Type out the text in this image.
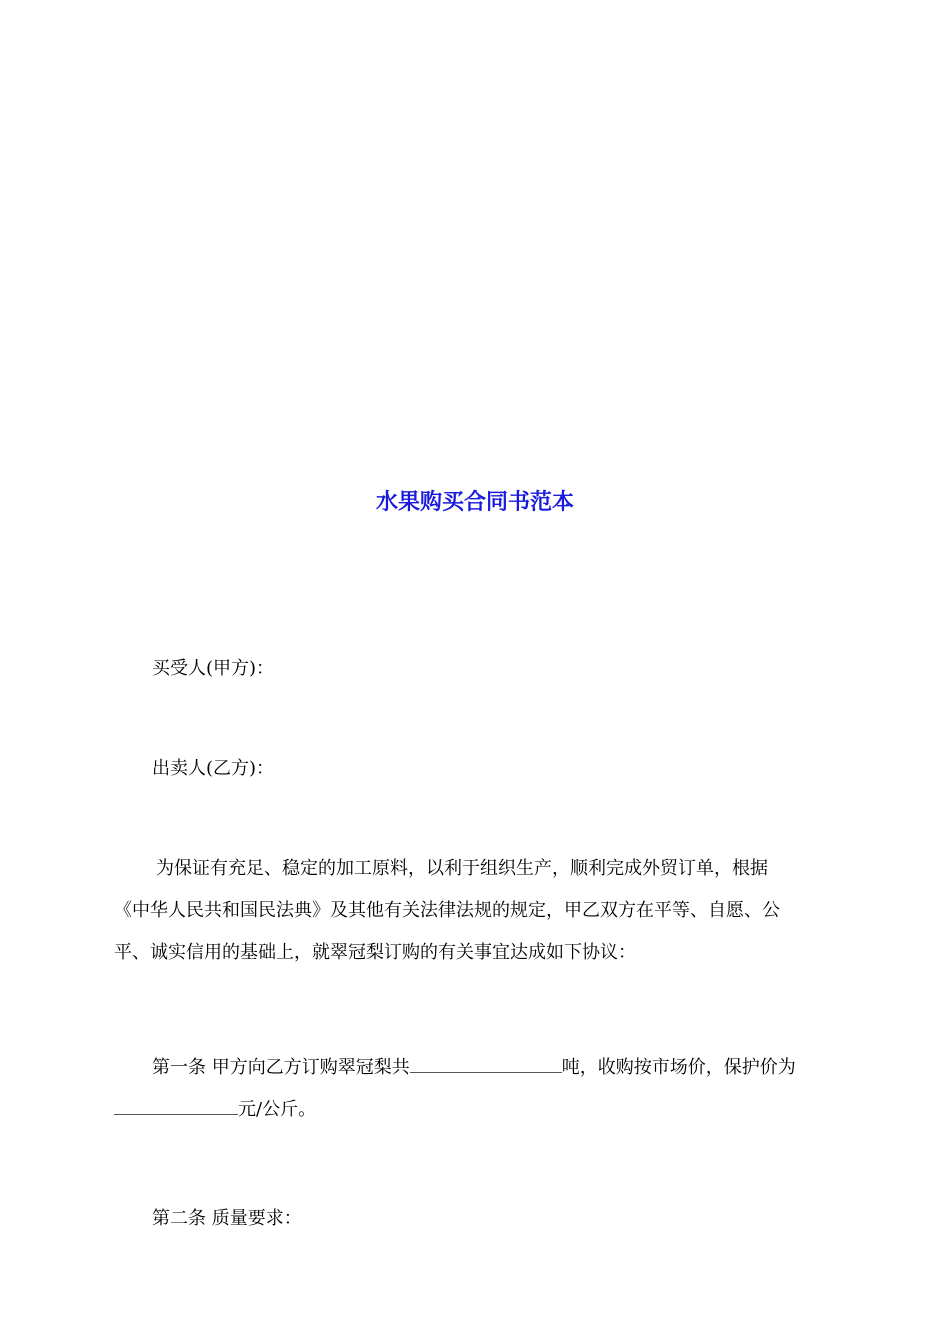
水果购买合同书范本

买受人(甲方)：

出卖人(乙方)：

为保证有充足、稳定的加工原料，以利于组织生产，顺利完成外贸订单，根据
《中华人民共和国民法典》及其他有关法律法规的规定，甲乙双方在平等、自愿、公
平、诚实信用的基础上，就翠冠梨订购的有关事宜达成如下协议：
第一条 甲方向乙方订购翠冠梨共	吨，收购按市场价，保护价为
元/公斤。

第二条 质量要求：
